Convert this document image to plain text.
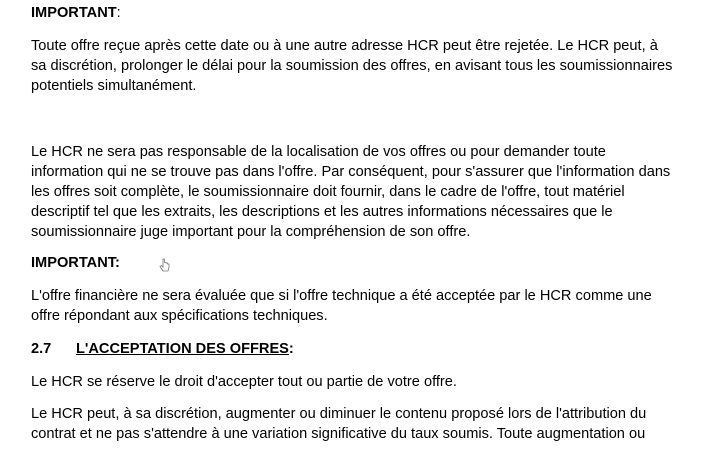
IMPORTANT:
Toute offre reçue après cette date ou à une autre adresse HCR peut être rejetée. Le HCR peut, à
sa discrétion, prolonger le délai pour la soumission des offres, en avisant tous les soumissionnaires
potentiels simultanément.
Le HCR ne sera pas responsable de la localisation de vos offres ou pour demander toute
information qui ne se trouve pas dans l'offre. Par conséquent, pour s'assurer que l'information dans
les offres soit complète, le soumissionnaire doit fournir, dans le cadre de l'offre, tout matériel
descriptif tel que les extraits, les descriptions et les autres informations nécessaires que le
soumissionnaire juge important pour la compréhension de son offre.
IMPORTANT:
L'offre financière ne sera évaluée que si l'offre technique a été acceptée par le HCR comme une
offre répondant aux spécifications techniques.
2.7 L'ACCEPTATION DES OFFRES:
Le HCR se réserve le droit d'accepter tout ou partie de votre offre.
Le HCR peut, à sa discrétion, augmenter ou diminuer le contenu proposé lors de l'attribution du
contrat et ne pas s'attendre à une variation significative du taux soumis. Toute augmentation ou
